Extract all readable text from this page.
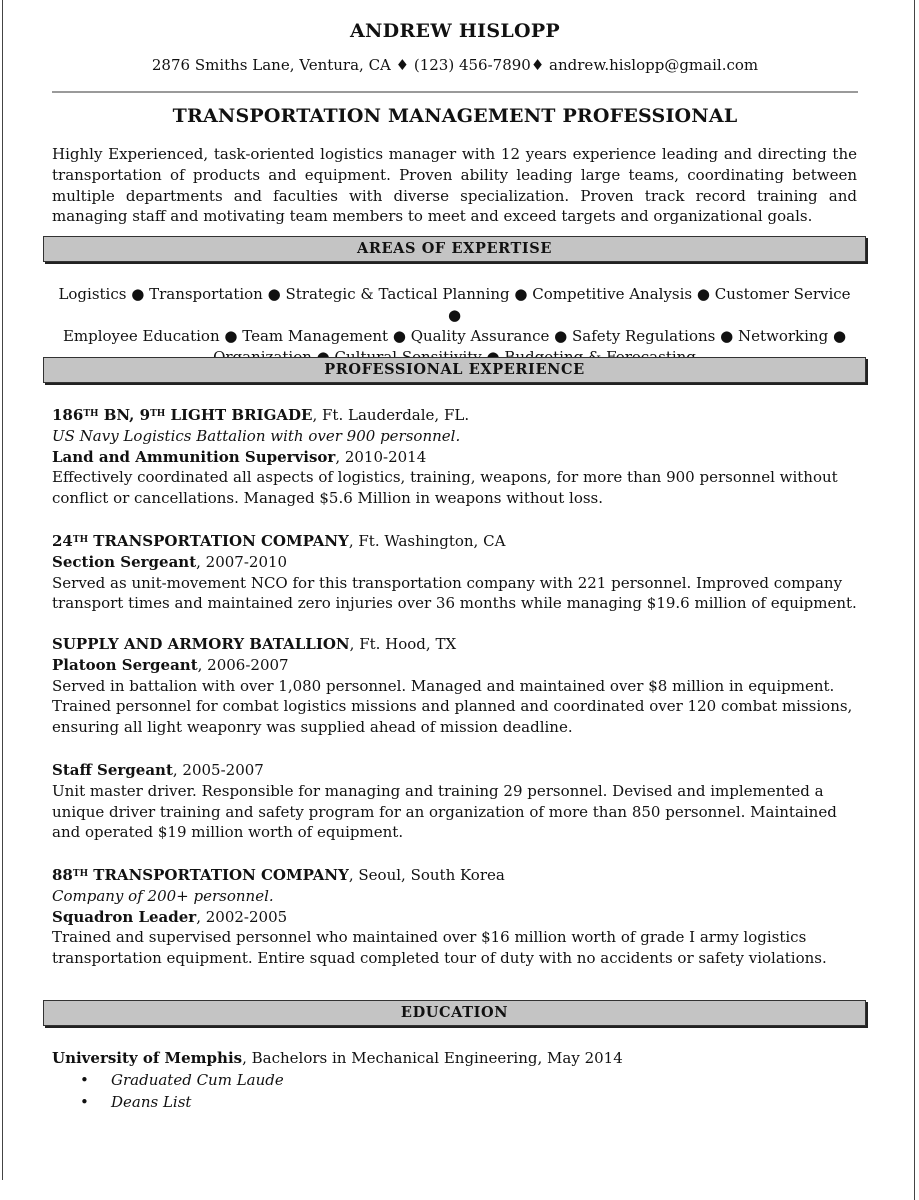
ANDREW HISLOPP
2876 Smiths Lane, Ventura, CA ♦ (123) 456-7890♦ andrew.hislopp@gmail.com
TRANSPORTATION MANAGEMENT PROFESSIONAL

Highly Experienced, task-oriented logistics manager with 12 years experience leading and directing the transportation of products and equipment. Proven ability leading large teams, coordinating between multiple departments and faculties with diverse specialization. Proven track record training and managing staff and motivating team members to meet and exceed targets and organizational goals.

AREAS OF EXPERTISE
Logistics ● Transportation ● Strategic & Tactical Planning ● Competitive Analysis ● Customer Service ●
Employee Education ● Team Management ● Quality Assurance ● Safety Regulations ● Networking ●
PROFESSIONAL EXPERIENCE
186TH BN, 9TH LIGHT BRIGADE, Ft. Lauderdale, FL.
US Navy Logistics Battalion with over 900 personnel.
Land and Ammunition Supervisor, 2010-2014
Effectively coordinated all aspects of logistics, training, weapons, for more than 900 personnel without conflict or cancellations. Managed $5.6 Million in weapons without loss.
24TH TRANSPORTATION COMPANY, Ft. Washington, CA
Section Sergeant, 2007-2010
Served as unit-movement NCO for this transportation company with 221 personnel. Improved company transport times and maintained zero injuries over 36 months while managing $19.6 million of equipment.
SUPPLY AND ARMORY BATALLION, Ft. Hood, TX
Platoon Sergeant, 2006-2007
Served in battalion with over 1,080 personnel. Managed and maintained over $8 million in equipment. Trained personnel for combat logistics missions and planned and coordinated over 120 combat missions, ensuring all light weaponry was supplied ahead of mission deadline.
Staff Sergeant, 2005-2007
Unit master driver. Responsible for managing and training 29 personnel. Devised and implemented a unique driver training and safety program for an organization of more than 850 personnel. Maintained and operated $19 million worth of equipment.
88TH TRANSPORTATION COMPANY, Seoul, South Korea
Company of 200+ personnel.
Squadron Leader, 2002-2005
Trained and supervised personnel who maintained over $16 million worth of grade I army logistics transportation equipment. Entire squad completed tour of duty with no accidents or safety violations.
EDUCATION
University of Memphis, Bachelors in Mechanical Engineering, May 2014
• Graduated Cum Laude
• Deans List
